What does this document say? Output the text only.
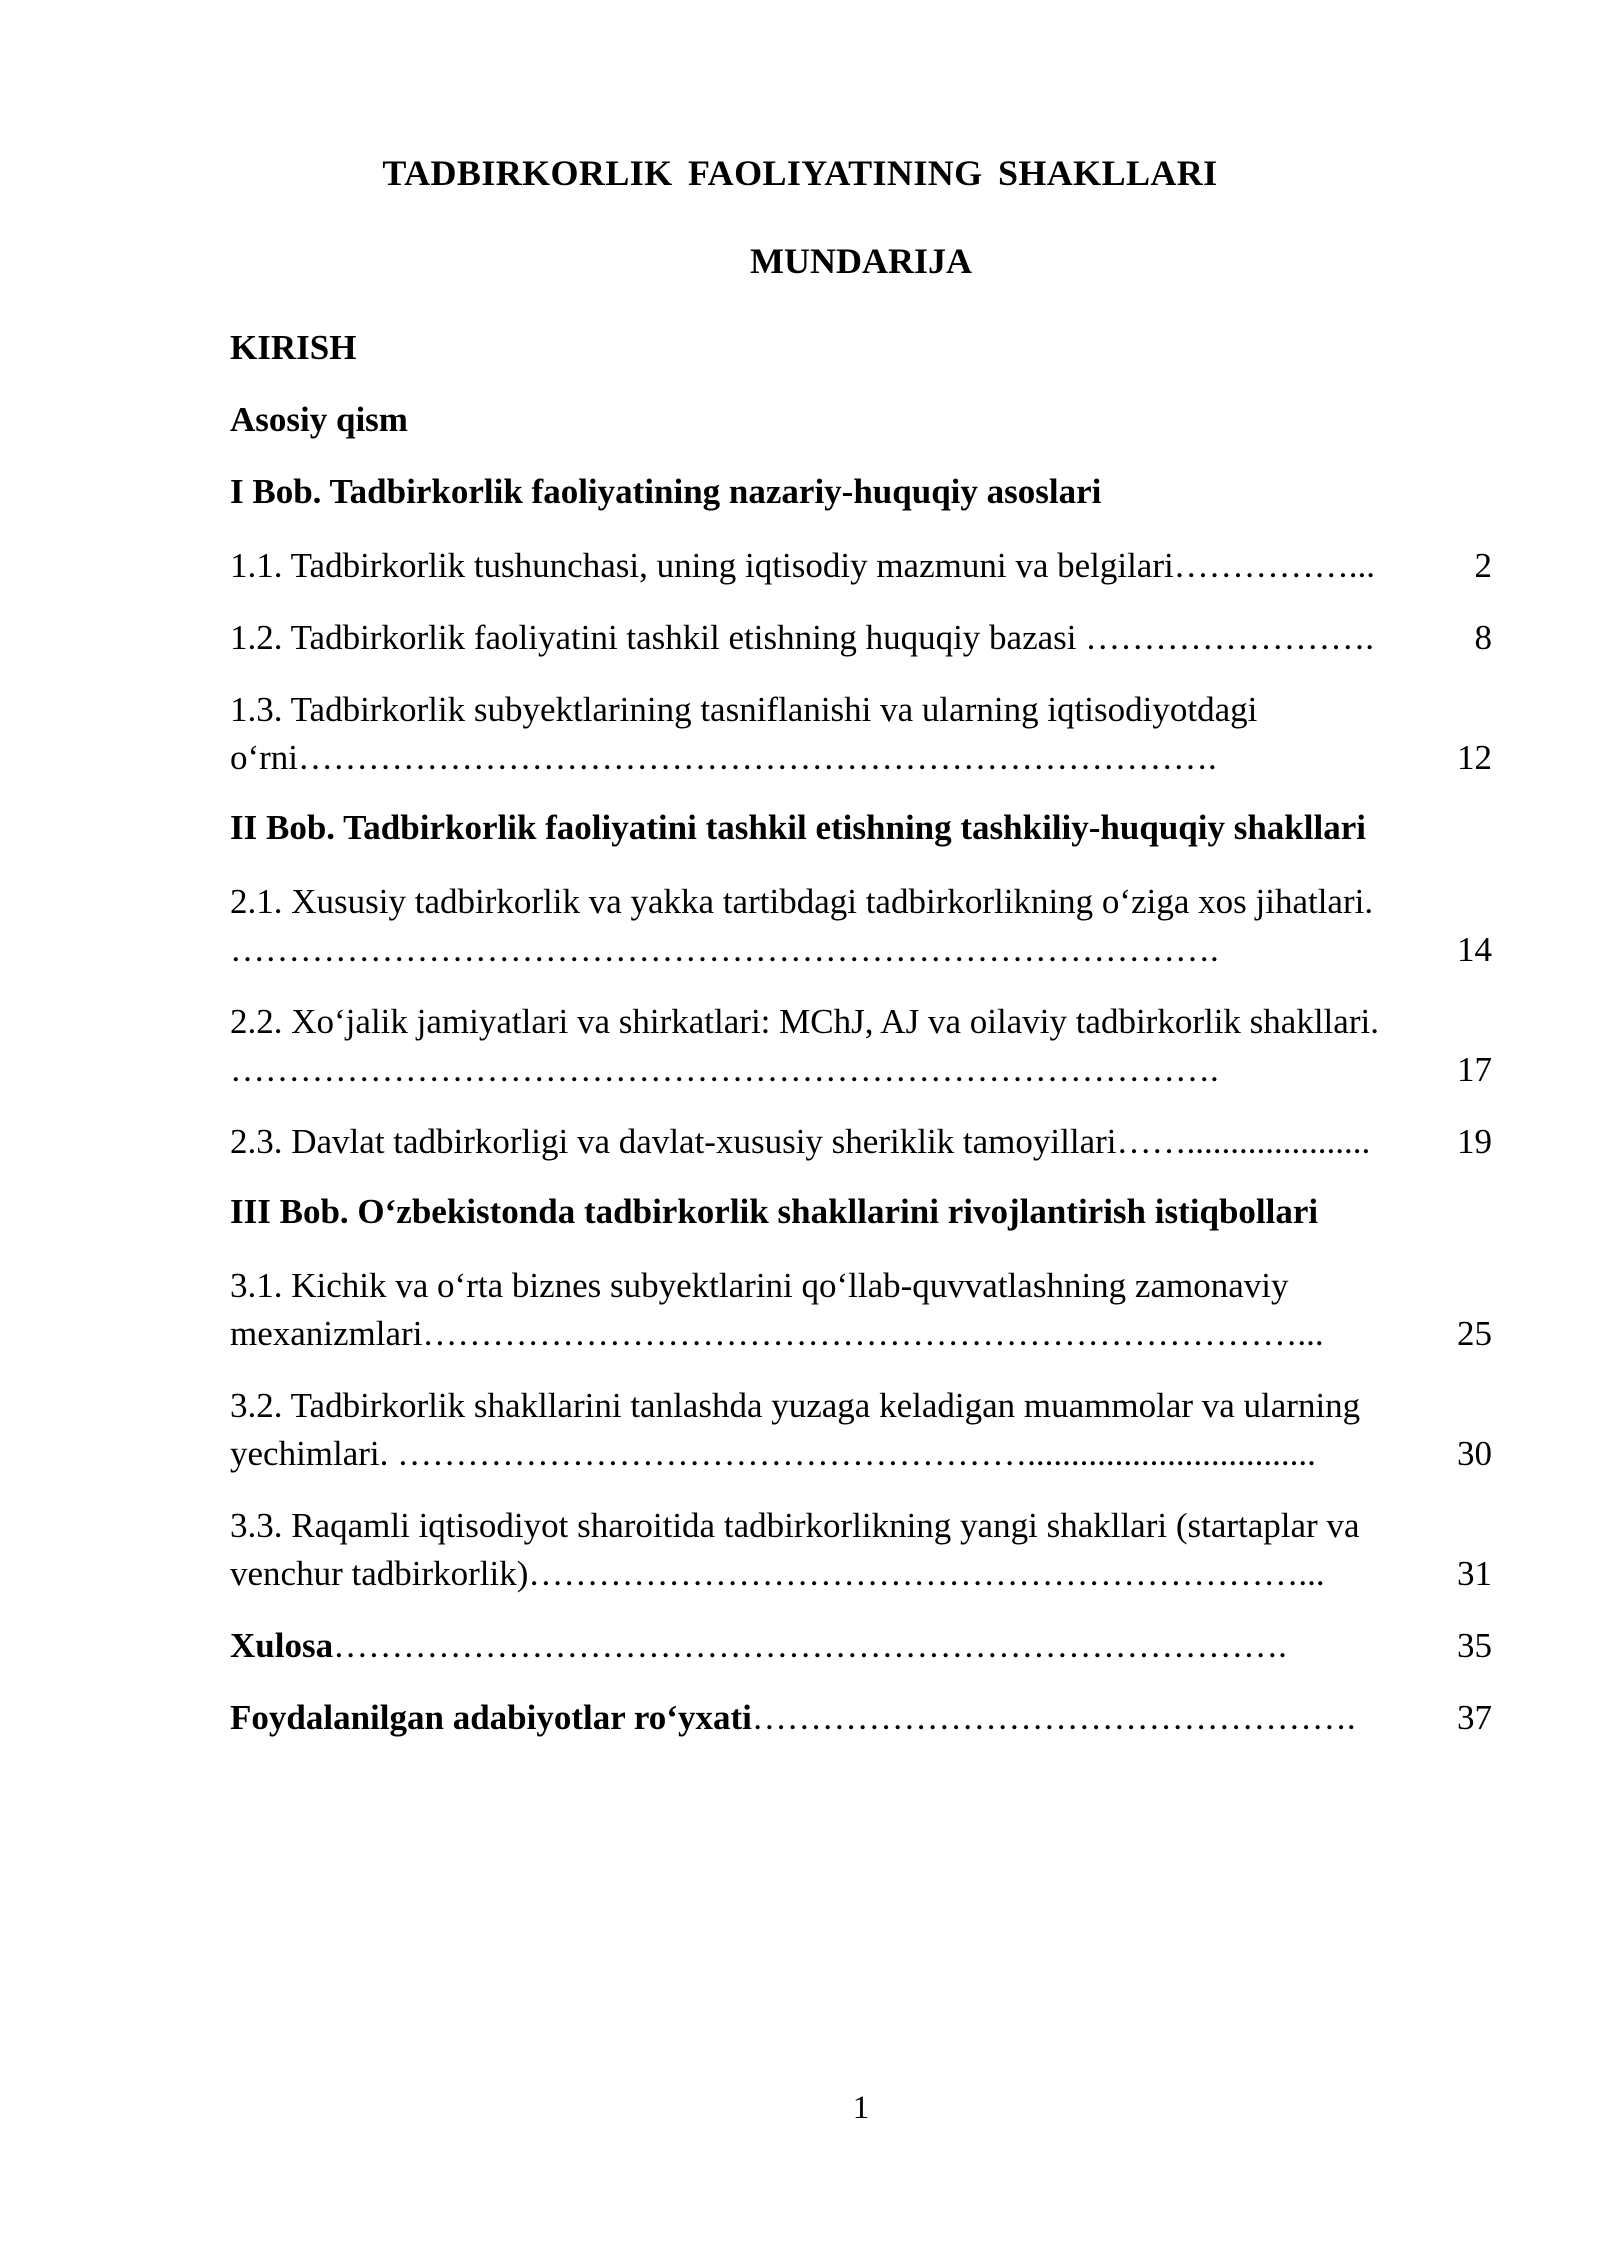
TADBIRKORLIK FAOLIYATINING SHAKLLARI
MUNDARIJA
KIRISH
Asosiy qism
I Bob. Tadbirkorlik faoliyatining nazariy-huquqiy asoslari
1.1. Tadbirkorlik tushunchasi, uning iqtisodiy mazmuni va belgilari ……………...	2
1.2. Tadbirkorlik faoliyatini tashkil etishning huquqiy bazasi …………………….	8
1.3. Tadbirkorlik subyektlarining tasniflanishi va ularning iqtisodiyotdagi
o‘rni …………………………………………………………………….	12
II Bob. Tadbirkorlik faoliyatini tashkil etishning tashkiliy-huquqiy shakllari
2.1. Xususiy tadbirkorlik va yakka tartibdagi tadbirkorlikning o‘ziga xos jihatlari.
………………………………………………………………………….	14
2.2. Xo‘jalik jamiyatlari va shirkatlari: MChJ, AJ va oilaviy tadbirkorlik shakllari.
………………………………………………………………………….	17
2.3. Davlat tadbirkorligi va davlat-xususiy sheriklik tamoyillari …….....................	19
III Bob. O‘zbekistonda tadbirkorlik shakllarini rivojlantirish istiqbollari
3.1. Kichik va o‘rta biznes subyektlarini qo‘llab-quvvatlashning zamonaviy
mexanizmlari …………………………………………………………………...	25
3.2. Tadbirkorlik shakllarini tanlashda yuzaga keladigan muammolar va ularning
yechimlari. ……………………………………………….................................	30
3.3. Raqamli iqtisodiyot sharoitida tadbirkorlikning yangi shakllari (startaplar va
venchur tadbirkorlik) …………………………………………………………...	31
Xulosa ……………………………………………………………………….	35
Foydalanilgan adabiyotlar ro‘yxati …………………………………………….	37
1
